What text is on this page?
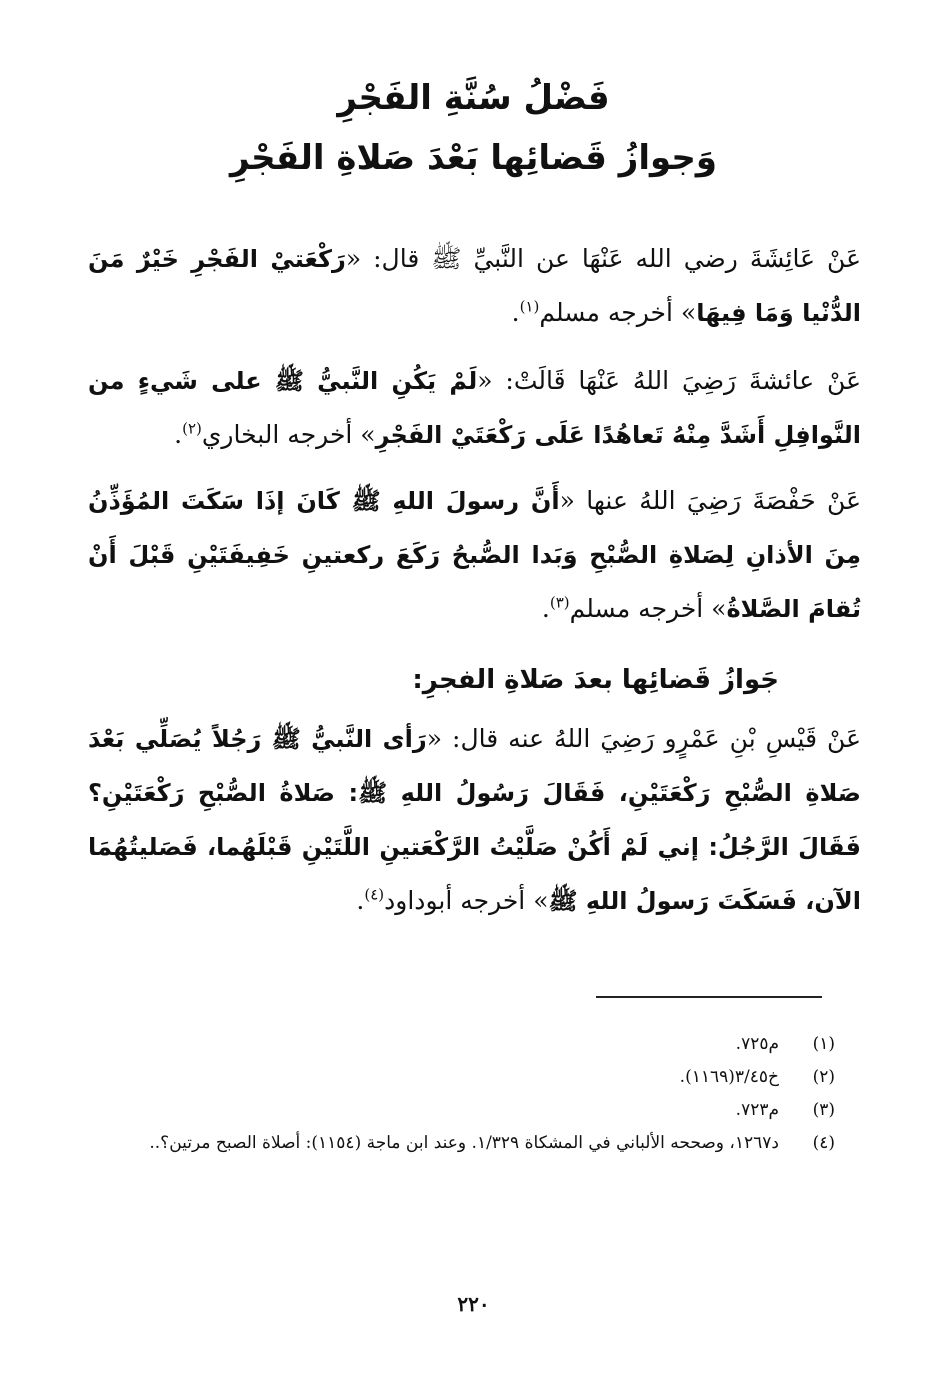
فَضْلُ سُنَّةِ الفَجْرِ
وَجوازُ قَضائِها بَعْدَ صَلاةِ الفَجْرِ
عَنْ عَائِشَةَ رضي الله عَنْهَا عن النَّبيِّ ﷺ قال: «رَكْعَتيْ الفَجْرِ خَيْرٌ مَنَ الدُّنْيا وَمَا فِيهَا» أخرجه مسلم$^{(١)}$.
عَنْ عائشةَ رَضِيَ اللهُ عَنْهَا قَالَتْ: «لَمْ يَكُنِ النَّبيُّ ﷺ على شَيءٍ من النَّوافِلِ أَشَدَّ مِنْهُ تَعاهُدًا عَلَى رَكْعَتَيْ الفَجْرِ» أخرجه البخاري$^{(٢)}$.
عَنْ حَفْصَةَ رَضِيَ اللهُ عنها «أَنَّ رسولَ اللهِ ﷺ كَانَ إذَا سَكَتَ المُؤَذِّنُ مِنَ الأذانِ لِصَلاةِ الصُّبْحِ وَبَدا الصُّبحُ رَكَعَ ركعتينِ خَفِيفَتَيْنِ قَبْلَ أَنْ تُقامَ الصَّلاةُ» أخرجه مسلم$^{(٣)}$.
جَوازُ قَضائِها بعدَ صَلاةِ الفجرِ:
عَنْ قَيْسِ بْنِ عَمْرٍو رَضِيَ اللهُ عنه قال: «رَأى النَّبيُّ ﷺ رَجُلاً يُصَلِّي بَعْدَ صَلاةِ الصُّبْحِ رَكْعَتَيْنِ، فَقَالَ رَسُولُ اللهِ ﷺ: صَلاةُ الصُّبْحِ رَكْعَتَيْنِ؟ فَقَالَ الرَّجُلُ: إني لَمْ أَكُنْ صَلَّيْتُ الرَّكْعَتينِ اللَّتَيْنِ قَبْلَهُما، فَصَليتُهُمَا الآن، فَسَكَتَ رَسولُ اللهِ ﷺ» أخرجه أبوداود$^{(٤)}$.
(١)
م٧٢٥.
(٢)
خ٣/٤٥(١١٦٩).
(٣)
م٧٢٣.
(٤)
د١٢٦٧، وصححه الألباني في المشكاة ١/٣٢٩. وعند ابن ماجة (١١٥٤): أصلاة الصبح مرتين؟..
٢٢٠
